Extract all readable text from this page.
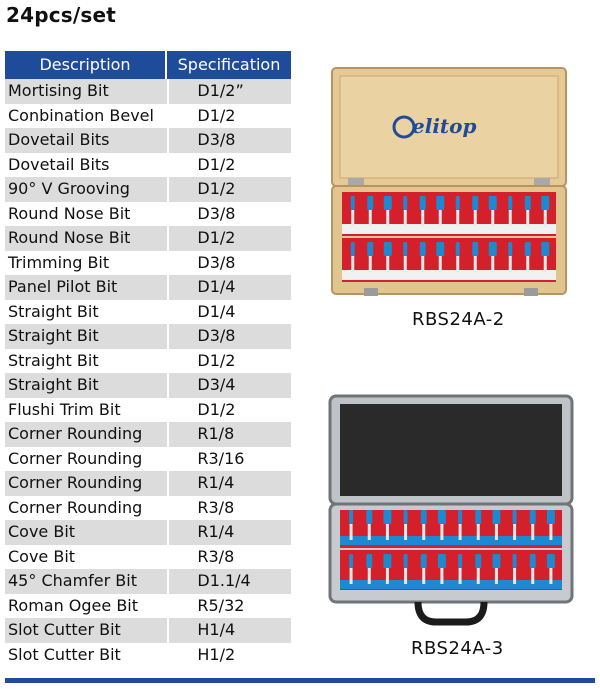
24pcs/set
Description	Specification
Mortising Bit	D1/2”
Conbination Bevel	D1/2
Dovetail Bits	D3/8
Dovetail Bits	D1/2
90° V Grooving	D1/2
Round Nose Bit	D3/8
Round Nose Bit	D1/2
Trimming Bit	D3/8
Panel Pilot Bit	D1/4
Straight Bit	D1/4
Straight Bit	D3/8
Straight Bit	D1/2
Straight Bit	D3/4
Flushi Trim Bit	D1/2
Corner Rounding	R1/8
Corner Rounding	R3/16
Corner Rounding	R1/4
Corner Rounding	R3/8
Cove Bit	R1/4
Cove Bit	R3/8
45° Chamfer Bit	D1.1/4
Roman Ogee Bit	R5/32
Slot Cutter Bit	H1/4
Slot Cutter Bit	H1/2
elitop
RBS24A-2
RBS24A-3
